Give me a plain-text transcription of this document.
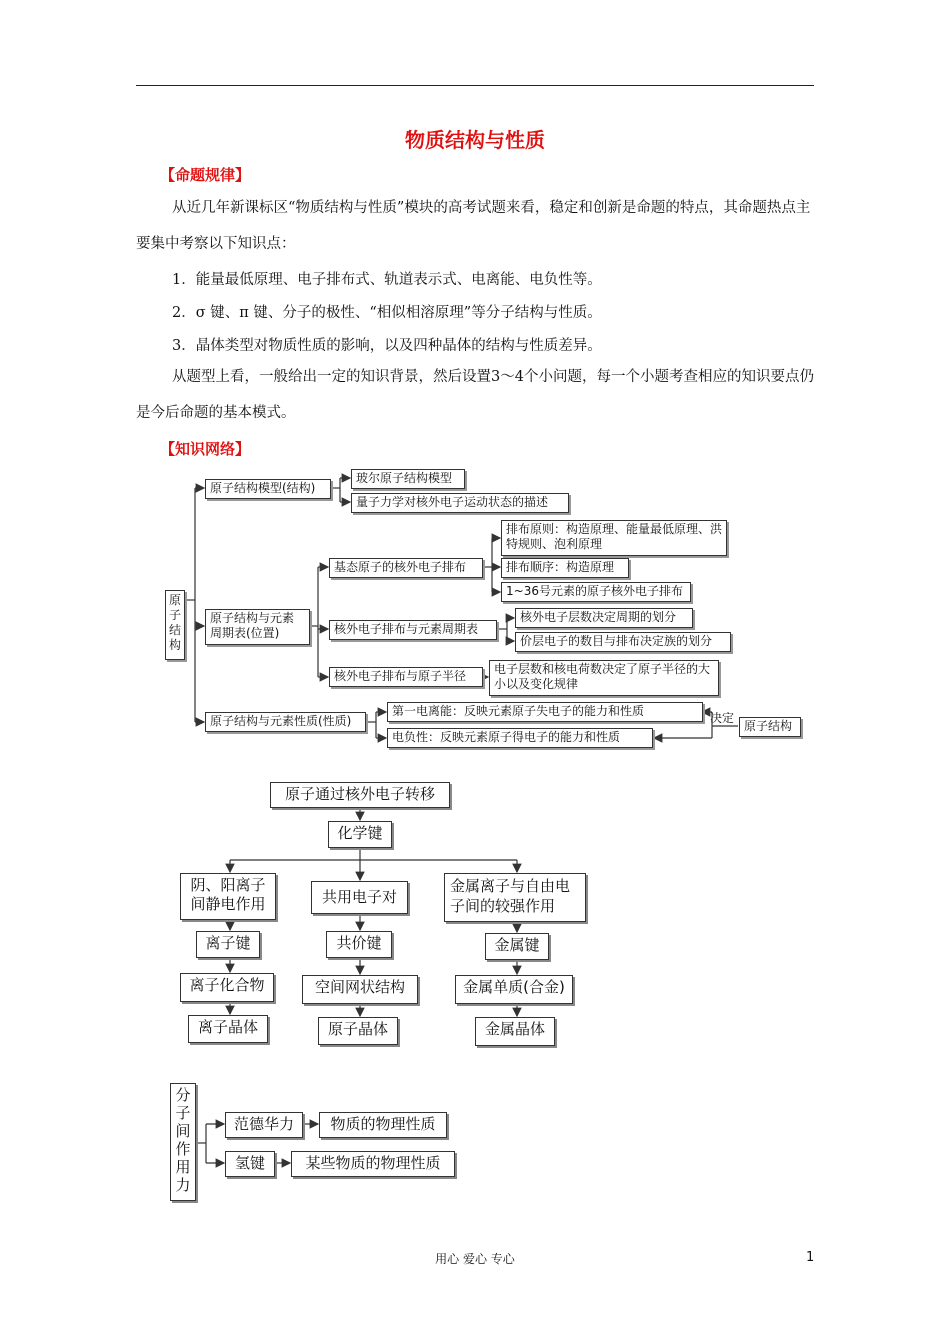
物质结构与性质
【命题规律】
从近几年新课标区“物质结构与性质”模块的高考试题来看，稳定和创新是命题的特点，其命题热点主要集中考察以下知识点：
1．能量最低原理、电子排布式、轨道表示式、电离能、电负性等。
2．σ 键、π 键、分子的极性、“相似相溶原理”等分子结构与性质。
3．晶体类型对物质性质的影响，以及四种晶体的结构与性质差异。
从题型上看，一般给出一定的知识背景，然后设置3～4个小问题，每一个小题考查相应的知识要点仍是今后命题的基本模式。
【知识网络】
原子结构
原子结构模型(结构)
玻尔原子结构模型
量子力学对核外电子运动状态的描述
原子结构与元素周期表(位置)
基态原子的核外电子排布
排布原则：构造原理、能量最低原理、洪特规则、泡利原理
排布顺序：构造原理
1~36号元素的原子核外电子排布
核外电子排布与元素周期表
核外电子层数决定周期的划分
价层电子的数目与排布决定族的划分
核外电子排布与原子半径	电子层数和核电荷数决定了原子半径的大小以及变化规律
原子结构与元素性质(性质)
第一电离能：反映元素原子失电子的能力和性质
电负性：反映元素原子得电子的能力和性质
决定
原子结构
原子通过核外电子转移
化学键
阴、阳离子间静电作用
离子键
离子化合物
离子晶体
共用电子对
共价键
空间网状结构
原子晶体
金属离子与自由电子间的较强作用
金属键
金属单质(合金)
金属晶体
分子间作用力
范德华力	物质的物理性质
氢键	某些物质的物理性质
用心 爱心 专心	1
